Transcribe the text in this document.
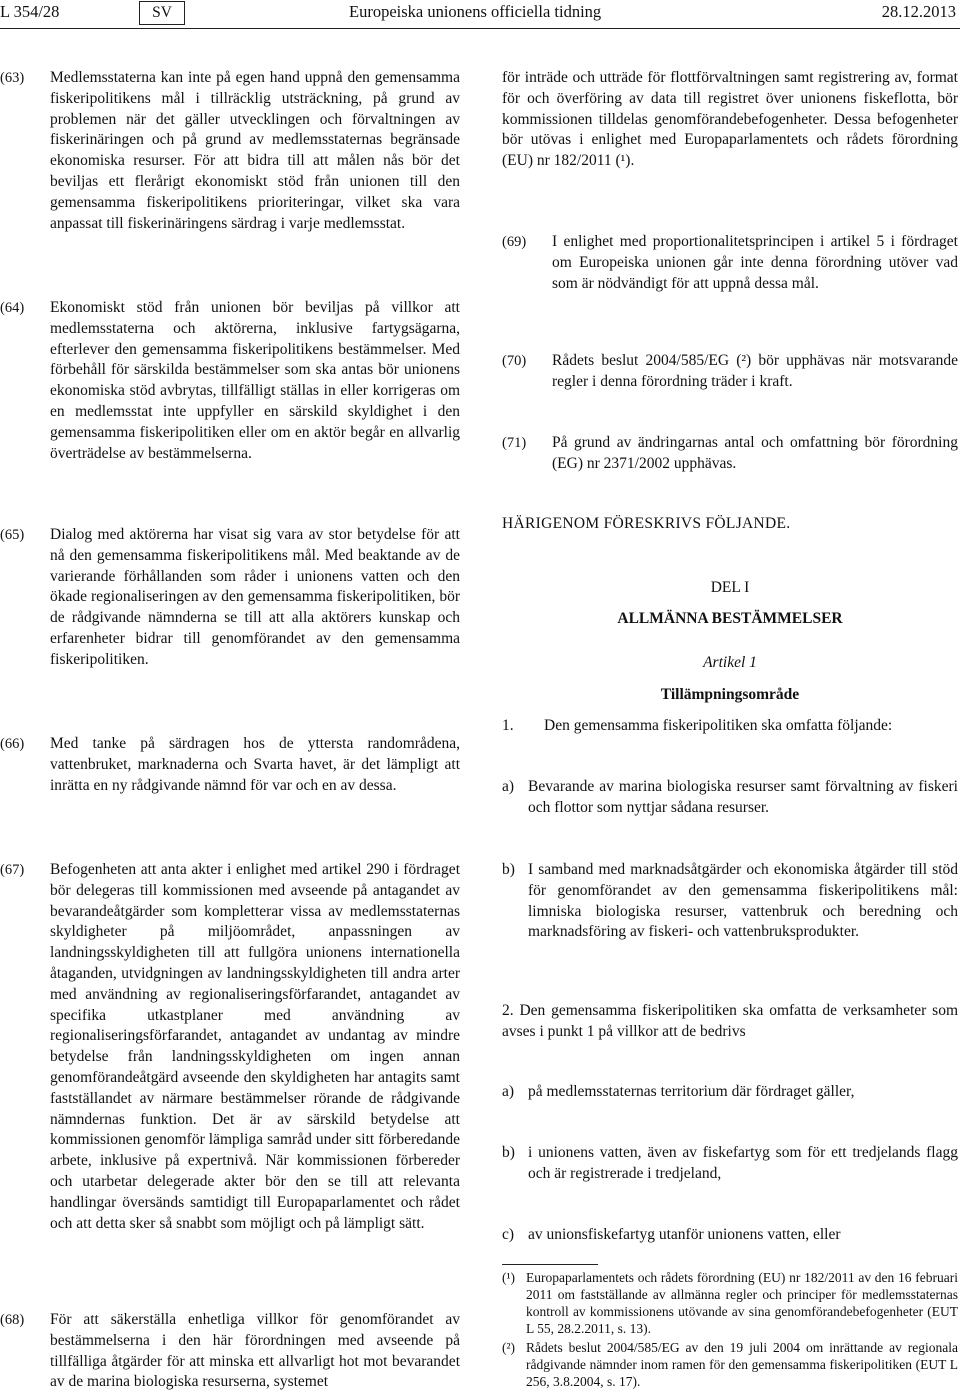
L 354/28	SV	Europeiska unionens officiella tidning	28.12.2013
(63)	Medlemsstaterna kan inte på egen hand uppnå den gemensamma fiskeripolitikens mål i tillräcklig utsträckning, på grund av problemen när det gäller utvecklingen och förvaltningen av fiskerinäringen och på grund av medlemsstaternas begränsade ekonomiska resurser. För att bidra till att målen nås bör det beviljas ett flerårigt ekonomiskt stöd från unionen till den gemensamma fiskeripolitikens prioriteringar, vilket ska vara anpassat till fiskerinäringens särdrag i varje medlemsstat.
(64)	Ekonomiskt stöd från unionen bör beviljas på villkor att medlemsstaterna och aktörerna, inklusive fartygsägarna, efterlever den gemensamma fiskeripolitikens bestämmelser. Med förbehåll för särskilda bestämmelser som ska antas bör unionens ekonomiska stöd avbrytas, tillfälligt ställas in eller korrigeras om en medlemsstat inte uppfyller en särskild skyldighet i den gemensamma fiskeripolitiken eller om en aktör begår en allvarlig överträdelse av bestämmelserna.
(65)	Dialog med aktörerna har visat sig vara av stor betydelse för att nå den gemensamma fiskeripolitikens mål. Med beaktande av de varierande förhållanden som råder i unionens vatten och den ökade regionaliseringen av den gemensamma fiskeripolitiken, bör de rådgivande nämnderna se till att alla aktörers kunskap och erfarenheter bidrar till genomförandet av den gemensamma fiskeripolitiken.
(66)	Med tanke på särdragen hos de yttersta randområdena, vattenbruket, marknaderna och Svarta havet, är det lämpligt att inrätta en ny rådgivande nämnd för var och en av dessa.
(67)	Befogenheten att anta akter i enlighet med artikel 290 i fördraget bör delegeras till kommissionen med avseende på antagandet av bevarandeåtgärder som kompletterar vissa av medlemsstaternas skyldigheter på miljöområdet, anpassningen av landningsskyldigheten till att fullgöra unionens internationella åtaganden, utvidgningen av landningsskyldigheten till andra arter med användning av regionaliseringsförfarandet, antagandet av specifika utkastplaner med användning av regionaliseringsförfarandet, antagandet av undantag av mindre betydelse från landningsskyldigheten om ingen annan genomförandeåtgärd avseende den skyldigheten har antagits samt fastställandet av närmare bestämmelser rörande de rådgivande nämndernas funktion. Det är av särskild betydelse att kommissionen genomför lämpliga samråd under sitt förberedande arbete, inklusive på expertnivå. När kommissionen förbereder och utarbetar delegerade akter bör den se till att relevanta handlingar översänds samtidigt till Europaparlamentet och rådet och att detta sker så snabbt som möjligt och på lämpligt sätt.
(68)	För att säkerställa enhetliga villkor för genomförandet av bestämmelserna i den här förordningen med avseende på tillfälliga åtgärder för att minska ett allvarligt hot mot bevarandet av de marina biologiska resurserna, systemet
för inträde och utträde för flottförvaltningen samt registrering av, format för och överföring av data till registret över unionens fiskeflotta, bör kommissionen tilldelas genomförandebefogenheter. Dessa befogenheter bör utövas i enlighet med Europaparlamentets och rådets förordning (EU) nr 182/2011 (¹).
(69)	I enlighet med proportionalitetsprincipen i artikel 5 i fördraget om Europeiska unionen går inte denna förordning utöver vad som är nödvändigt för att uppnå dessa mål.
(70)	Rådets beslut 2004/585/EG (²) bör upphävas när motsvarande regler i denna förordning träder i kraft.
(71)	På grund av ändringarnas antal och omfattning bör förordning (EG) nr 2371/2002 upphävas.
HÄRIGENOM FÖRESKRIVS FÖLJANDE.
DEL I
ALLMÄNNA BESTÄMMELSER
Artikel 1
Tillämpningsområde
1.	Den gemensamma fiskeripolitiken ska omfatta följande:
a) Bevarande av marina biologiska resurser samt förvaltning av fiskeri och flottor som nyttjar sådana resurser.
b) I samband med marknadsåtgärder och ekonomiska åtgärder till stöd för genomförandet av den gemensamma fiskeripolitikens mål: limniska biologiska resurser, vattenbruk och beredning och marknadsföring av fiskeri- och vattenbruksprodukter.
2. Den gemensamma fiskeripolitiken ska omfatta de verksamheter som avses i punkt 1 på villkor att de bedrivs
a) på medlemsstaternas territorium där fördraget gäller,
b) i unionens vatten, även av fiskefartyg som för ett tredjelands flagg och är registrerade i tredjeland,
c) av unionsfiskefartyg utanför unionens vatten, eller
(¹) Europaparlamentets och rådets förordning (EU) nr 182/2011 av den 16 februari 2011 om fastställande av allmänna regler och principer för medlemsstaternas kontroll av kommissionens utövande av sina genomförandebefogenheter (EUT L 55, 28.2.2011, s. 13).
(²) Rådets beslut 2004/585/EG av den 19 juli 2004 om inrättande av regionala rådgivande nämnder inom ramen för den gemensamma fiskeripolitiken (EUT L 256, 3.8.2004, s. 17).
